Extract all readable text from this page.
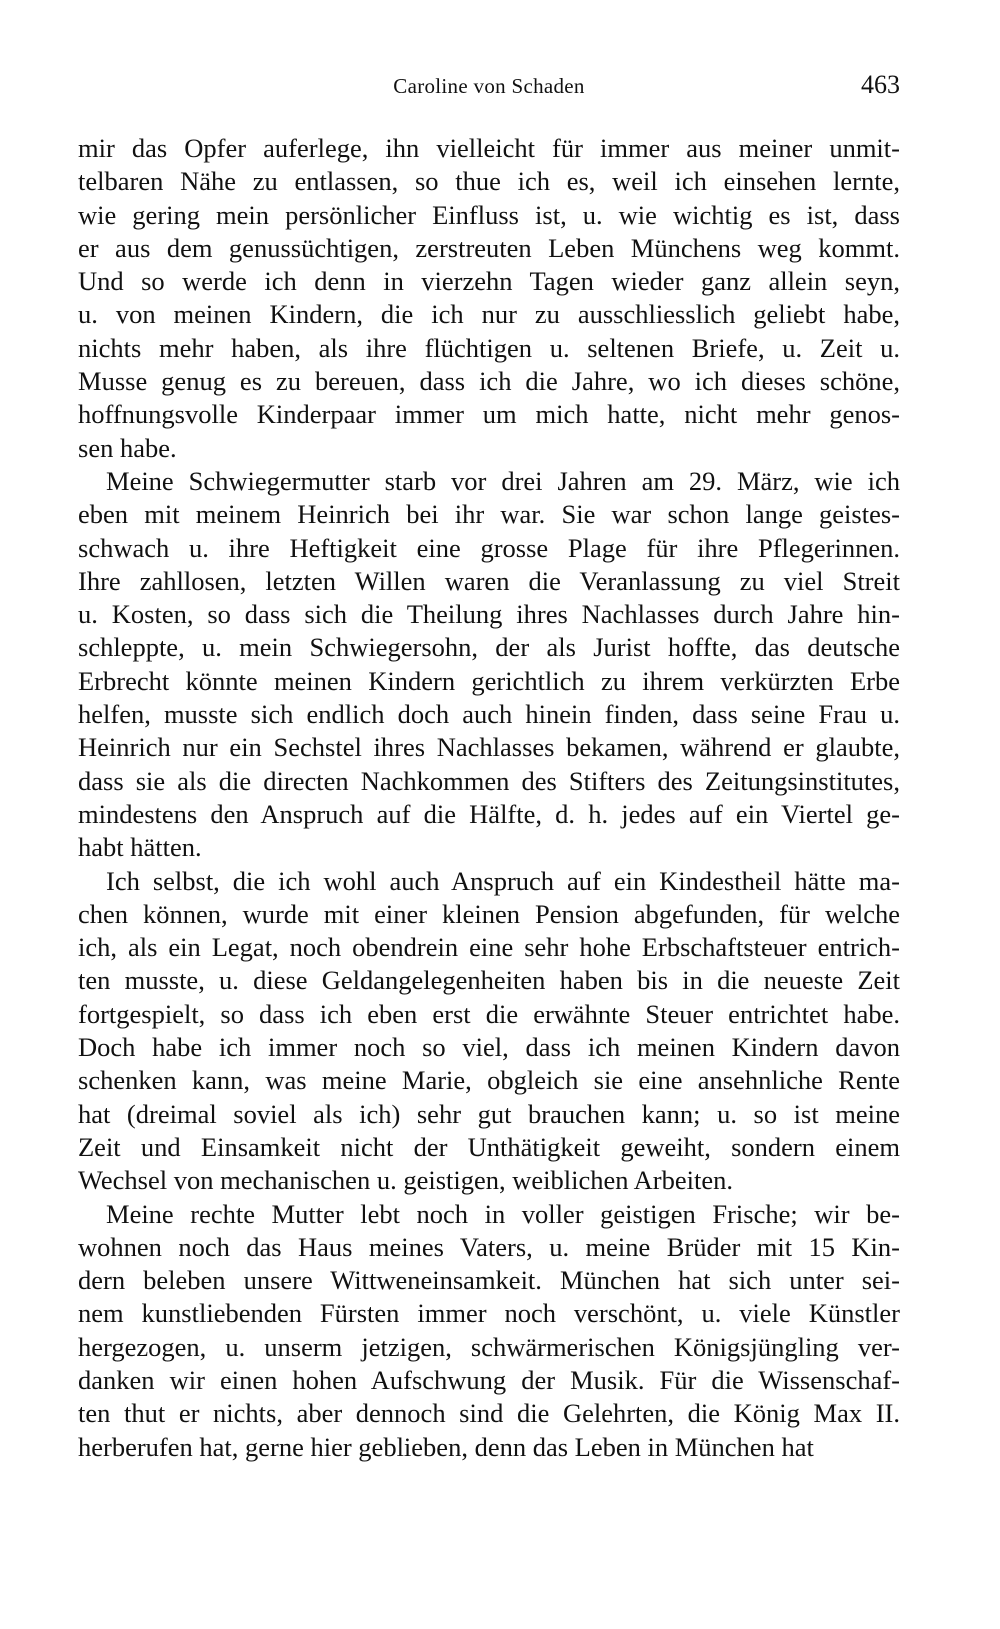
Caroline von Schaden	463
mir das Opfer auferlege, ihn vielleicht für immer aus meiner unmit-
telbaren Nähe zu entlassen, so thue ich es, weil ich einsehen lernte,
wie gering mein persönlicher Einfluss ist, u. wie wichtig es ist, dass
er aus dem genussüchtigen, zerstreuten Leben Münchens weg kommt.
Und so werde ich denn in vierzehn Tagen wieder ganz allein seyn,
u. von meinen Kindern, die ich nur zu ausschliesslich geliebt habe,
nichts mehr haben, als ihre flüchtigen u. seltenen Briefe, u. Zeit u.
Musse genug es zu bereuen, dass ich die Jahre, wo ich dieses schöne,
hoffnungsvolle Kinderpaar immer um mich hatte, nicht mehr genos-
sen habe.
Meine Schwiegermutter starb vor drei Jahren am 29. März, wie ich
eben mit meinem Heinrich bei ihr war. Sie war schon lange geistes-
schwach u. ihre Heftigkeit eine grosse Plage für ihre Pflegerinnen.
Ihre zahllosen, letzten Willen waren die Veranlassung zu viel Streit
u. Kosten, so dass sich die Theilung ihres Nachlasses durch Jahre hin-
schleppte, u. mein Schwiegersohn, der als Jurist hoffte, das deutsche
Erbrecht könnte meinen Kindern gerichtlich zu ihrem verkürzten Erbe
helfen, musste sich endlich doch auch hinein finden, dass seine Frau u.
Heinrich nur ein Sechstel ihres Nachlasses bekamen, während er glaubte,
dass sie als die directen Nachkommen des Stifters des Zeitungsinstitutes,
mindestens den Anspruch auf die Hälfte, d. h. jedes auf ein Viertel ge-
habt hätten.
Ich selbst, die ich wohl auch Anspruch auf ein Kindestheil hätte ma-
chen können, wurde mit einer kleinen Pension abgefunden, für welche
ich, als ein Legat, noch obendrein eine sehr hohe Erbschaftsteuer entrich-
ten musste, u. diese Geldangelegenheiten haben bis in die neueste Zeit
fortgespielt, so dass ich eben erst die erwähnte Steuer entrichtet habe.
Doch habe ich immer noch so viel, dass ich meinen Kindern davon
schenken kann, was meine Marie, obgleich sie eine ansehnliche Rente
hat (dreimal soviel als ich) sehr gut brauchen kann; u. so ist meine
Zeit und Einsamkeit nicht der Unthätigkeit geweiht, sondern einem
Wechsel von mechanischen u. geistigen, weiblichen Arbeiten.
Meine rechte Mutter lebt noch in voller geistigen Frische; wir be-
wohnen noch das Haus meines Vaters, u. meine Brüder mit 15 Kin-
dern beleben unsere Wittweneinsamkeit. München hat sich unter sei-
nem kunstliebenden Fürsten immer noch verschönt, u. viele Künstler
hergezogen, u. unserm jetzigen, schwärmerischen Königsjüngling ver-
danken wir einen hohen Aufschwung der Musik. Für die Wissenschaf-
ten thut er nichts, aber dennoch sind die Gelehrten, die König Max II.
herberufen hat, gerne hier geblieben, denn das Leben in München hat
